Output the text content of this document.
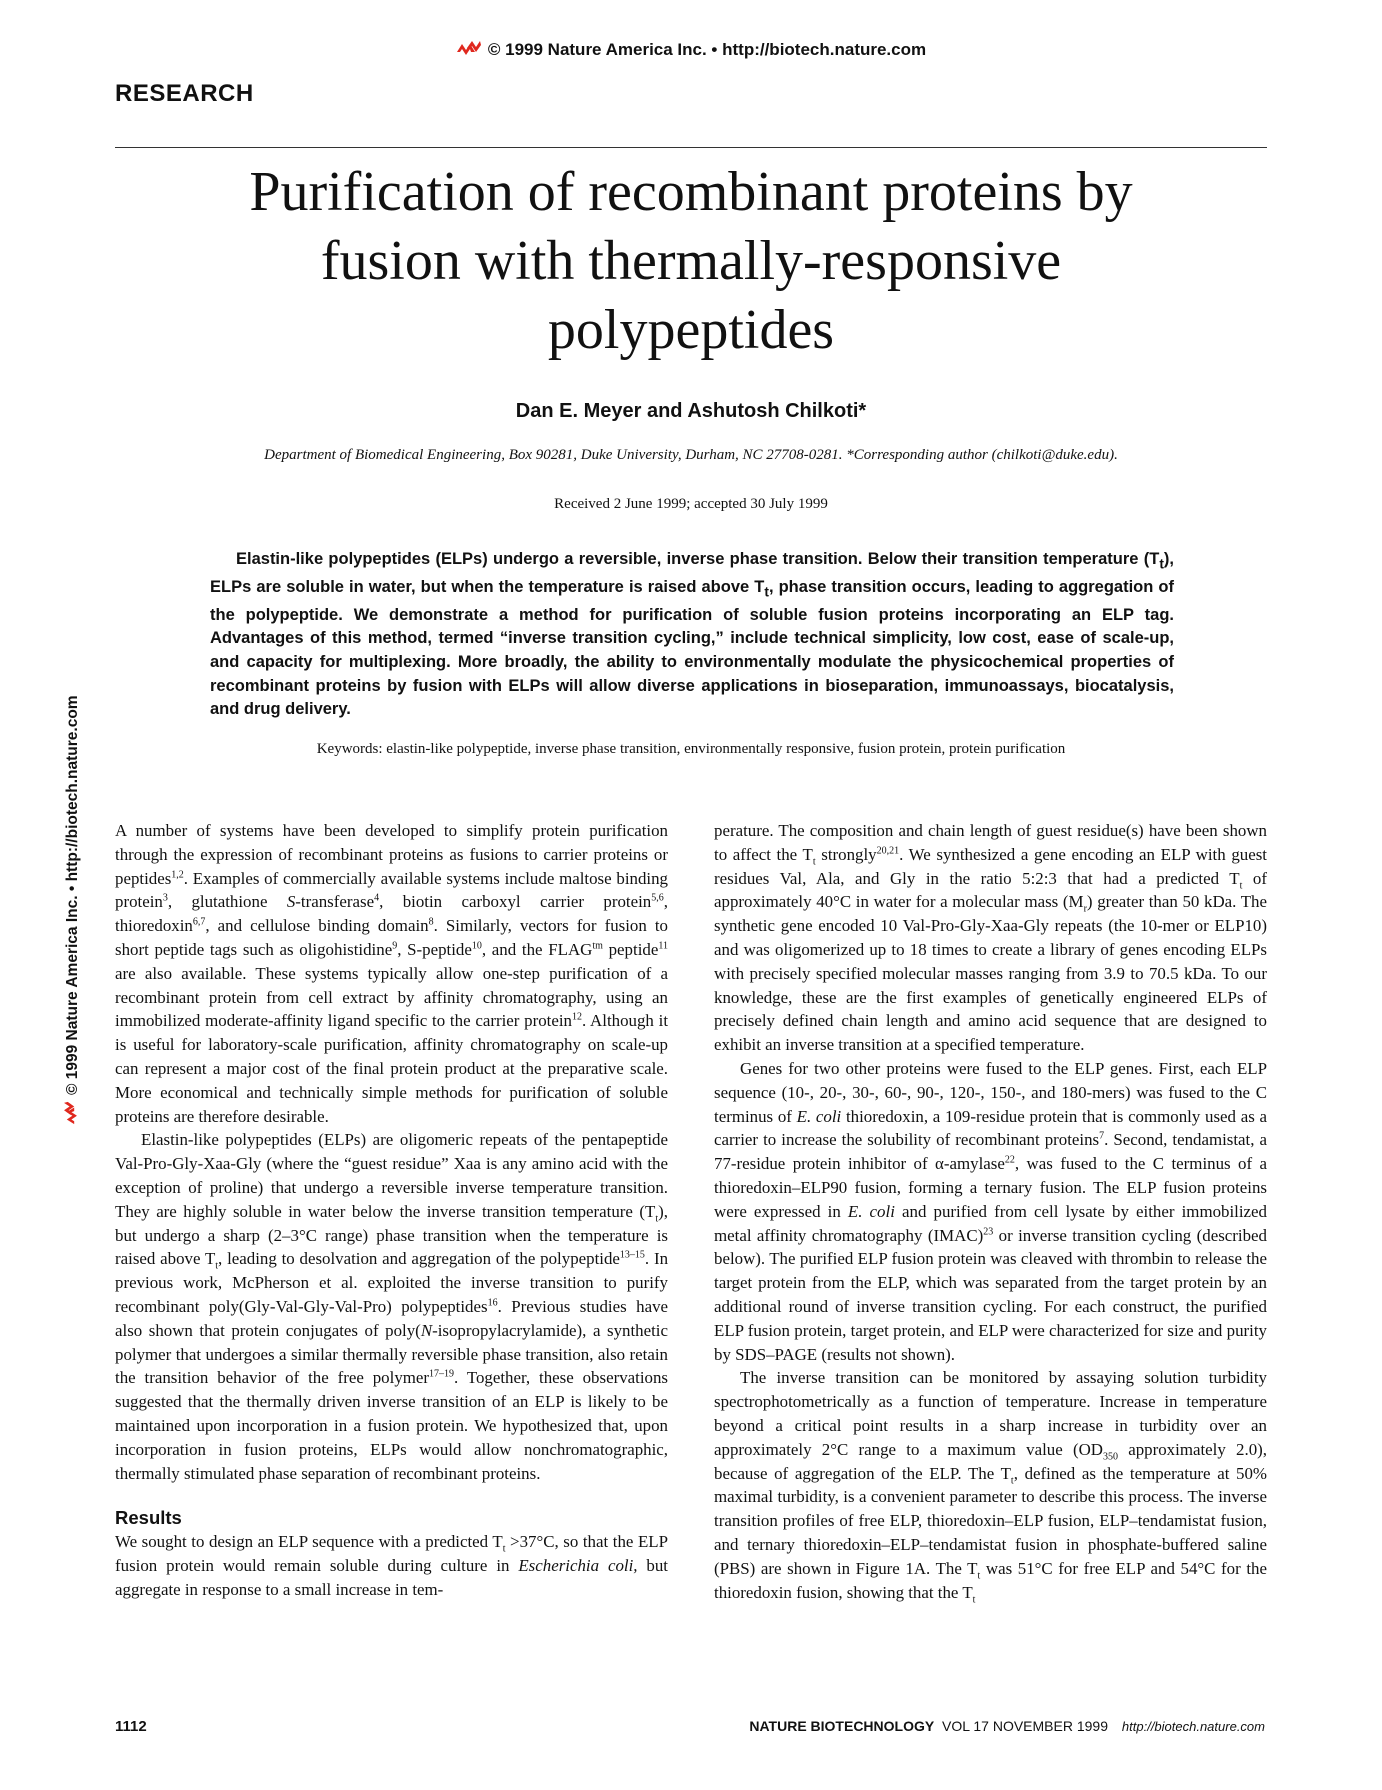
© 1999 Nature America Inc. • http://biotech.nature.com
RESEARCH
Purification of recombinant proteins by
fusion with thermally-responsive
polypeptides
Dan E. Meyer and Ashutosh Chilkoti*
Department of Biomedical Engineering, Box 90281, Duke University, Durham, NC 27708-0281. *Corresponding author (chilkoti@duke.edu).
Received 2 June 1999; accepted 30 July 1999
Elastin-like polypeptides (ELPs) undergo a reversible, inverse phase transition. Below their transition temperature $(T_t)$, ELPs are soluble in water, but when the temperature is raised above $T_t$, phase transition occurs, leading to aggregation of the polypeptide. We demonstrate a method for purification of soluble fusion proteins incorporating an ELP tag. Advantages of this method, termed “inverse transition cycling,” include technical simplicity, low cost, ease of scale-up, and capacity for multiplexing. More broadly, the ability to environmentally modulate the physicochemical properties of recombinant proteins by fusion with ELPs will allow diverse applications in bioseparation, immunoassays, biocatalysis, and drug delivery.
Keywords: elastin-like polypeptide, inverse phase transition, environmentally responsive, fusion protein, protein purification

A number of systems have been developed to simplify protein purification through the expression of recombinant proteins as fusions to carrier proteins or peptides$^{1,2}$. Examples of commercially available systems include maltose binding protein$^3$, glutathione S-transferase$^4$, biotin carboxyl carrier protein$^{5,6}$, thioredoxin$^{6,7}$, and cellulose binding domain$^8$. Similarly, vectors for fusion to short peptide tags such as oligohistidine$^9$, S-peptide$^{10}$, and the $FLAG^{tm}$ peptide$^{11}$ are also available. These systems typically allow one-step purification of a recombinant protein from cell extract by affinity chromatography, using an immobilized moderate-affinity ligand specific to the carrier protein$^{12}$. Although it is useful for laboratory-scale purification, affinity chromatography on scale-up can represent a major cost of the final protein product at the preparative scale. More economical and technically simple methods for purification of soluble proteins are therefore desirable.

Elastin-like polypeptides (ELPs) are oligomeric repeats of the pentapeptide Val-Pro-Gly-Xaa-Gly (where the “guest residue” Xaa is any amino acid with the exception of proline) that undergo a reversible inverse temperature transition. They are highly soluble in water below the inverse transition temperature $(T_t)$, but undergo a sharp (2–3°C range) phase transition when the temperature is raised above $T_t$, leading to desolvation and aggregation of the polypeptide$^{13-15}$. In previous work, McPherson et al. exploited the inverse transition to purify recombinant poly(Gly-Val-Gly-Val-Pro) polypeptides$^{16}$. Previous studies have also shown that protein conjugates of poly(N-isopropylacrylamide), a synthetic polymer that undergoes a similar thermally reversible phase transition, also retain the transition behavior of the free polymer$^{17-19}$. Together, these observations suggested that the thermally driven inverse transition of an ELP is likely to be maintained upon incorporation in a fusion protein. We hypothesized that, upon incorporation in fusion proteins, ELPs would allow nonchromatographic, thermally stimulated phase separation of recombinant proteins.

Results

We sought to design an ELP sequence with a predicted $T_t >37^\circ C$, so that the ELP fusion protein would remain soluble during culture in Escherichia coli, but aggregate in response to a small increase in tem-

perature. The composition and chain length of guest residue(s) have been shown to affect the $T_t$ strongly$^{20,21}$. We synthesized a gene encoding an ELP with guest residues Val, Ala, and Gly in the ratio 5:2:3 that had a predicted $T_t$ of approximately 40°C in water for a molecular mass $(M_r)$ greater than 50 kDa. The synthetic gene encoded 10 Val-Pro-Gly-Xaa-Gly repeats (the 10-mer or ELP10) and was oligomerized up to 18 times to create a library of genes encoding ELPs with precisely specified molecular masses ranging from 3.9 to 70.5 kDa. To our knowledge, these are the first examples of genetically engineered ELPs of precisely defined chain length and amino acid sequence that are designed to exhibit an inverse transition at a specified temperature.

Genes for two other proteins were fused to the ELP genes. First, each ELP sequence (10-, 20-, 30-, 60-, 90-, 120-, 150-, and 180-mers) was fused to the C terminus of E. coli thioredoxin, a 109-residue protein that is commonly used as a carrier to increase the solubility of recombinant proteins$^7$. Second, tendamistat, a 77-residue protein inhibitor of α-amylase$^{22}$, was fused to the C terminus of a thioredoxin–ELP90 fusion, forming a ternary fusion. The ELP fusion proteins were expressed in E. coli and purified from cell lysate by either immobilized metal affinity chromatography (IMAC)$^{23}$ or inverse transition cycling (described below). The purified ELP fusion protein was cleaved with thrombin to release the target protein from the ELP, which was separated from the target protein by an additional round of inverse transition cycling. For each construct, the purified ELP fusion protein, target protein, and ELP were characterized for size and purity by SDS–PAGE (results not shown).

The inverse transition can be monitored by assaying solution turbidity spectrophotometrically as a function of temperature. Increase in temperature beyond a critical point results in a sharp increase in turbidity over an approximately 2°C range to a maximum value ($OD_{350}$ approximately 2.0), because of aggregation of the ELP. The $T_t$, defined as the temperature at 50% maximal turbidity, is a convenient parameter to describe this process. The inverse transition profiles of free ELP, thioredoxin–ELP fusion, ELP–tendamistat fusion, and ternary thioredoxin–ELP–tendamistat fusion in phosphate-buffered saline (PBS) are shown in Figure 1A. The $T_t$ was 51°C for free ELP and 54°C for the thioredoxin fusion, showing that the $T_t$

1112	NATURE BIOTECHNOLOGY VOL 17 NOVEMBER 1999 http://biotech.nature.com
© 1999 Nature America Inc. • http://biotech.nature.com
